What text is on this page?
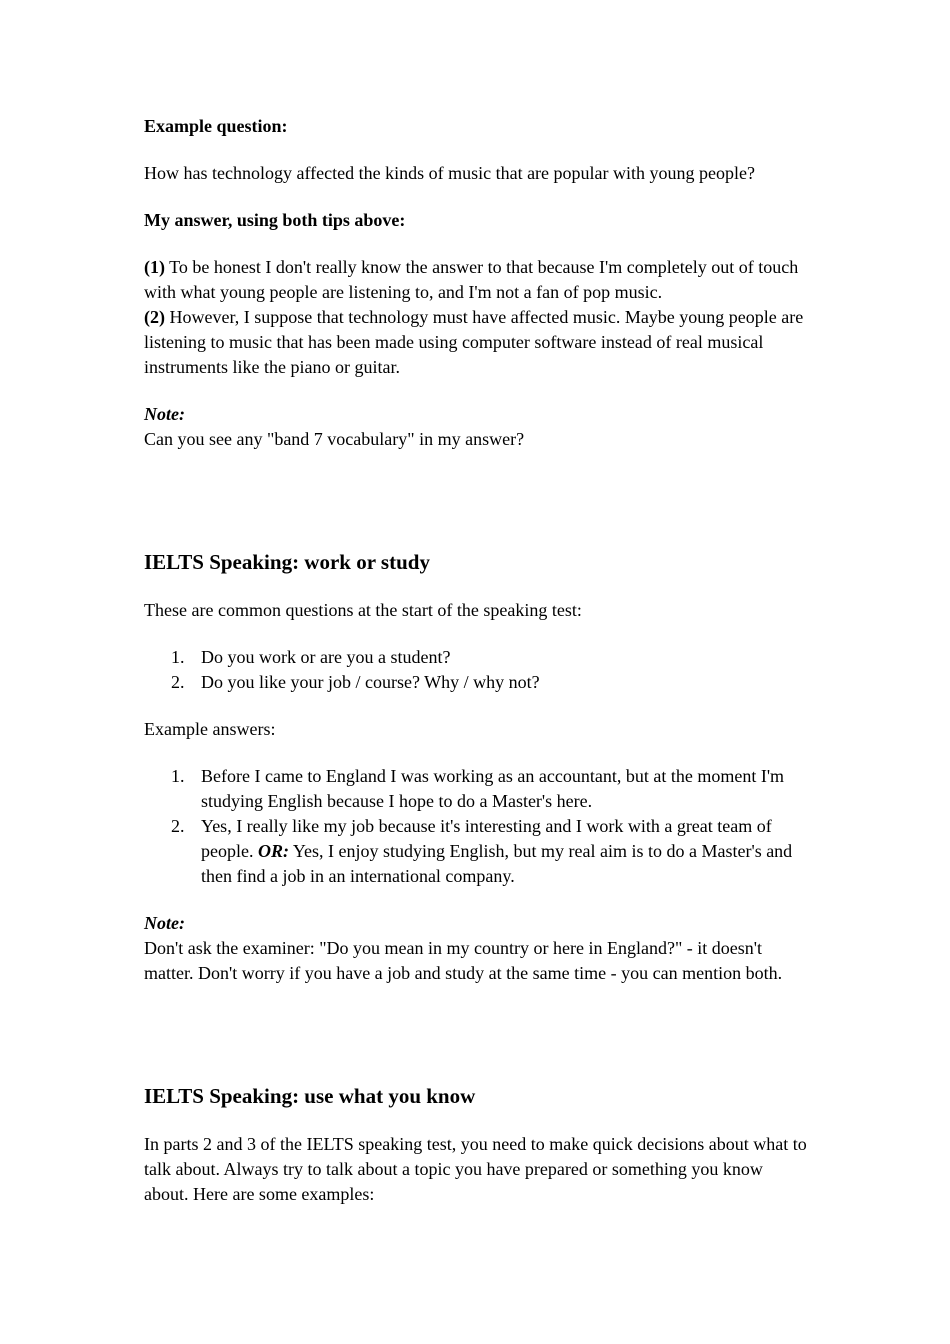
Example question:

How has technology affected the kinds of music that are popular with young people?

My answer, using both tips above:

(1) To be honest I don't really know the answer to that because I'm completely out of touch with what young people are listening to, and I'm not a fan of pop music.

(2) However, I suppose that technology must have affected music. Maybe young people are listening to music that has been made using computer software instead of real musical instruments like the piano or guitar.

Note:

Can you see any "band 7 vocabulary" in my answer?

IELTS Speaking: work or study

These are common questions at the start of the speaking test:

1. Do you work or are you a student?
2. Do you like your job / course? Why / why not?

Example answers:

1. Before I came to England I was working as an accountant, but at the moment I'm studying English because I hope to do a Master's here.
2. Yes, I really like my job because it's interesting and I work with a great team of people. OR: Yes, I enjoy studying English, but my real aim is to do a Master's and then find a job in an international company.

Note:

Don't ask the examiner: "Do you mean in my country or here in England?" - it doesn't matter. Don't worry if you have a job and study at the same time - you can mention both.

IELTS Speaking: use what you know

In parts 2 and 3 of the IELTS speaking test, you need to make quick decisions about what to talk about. Always try to talk about a topic you have prepared or something you know about. Here are some examples:
